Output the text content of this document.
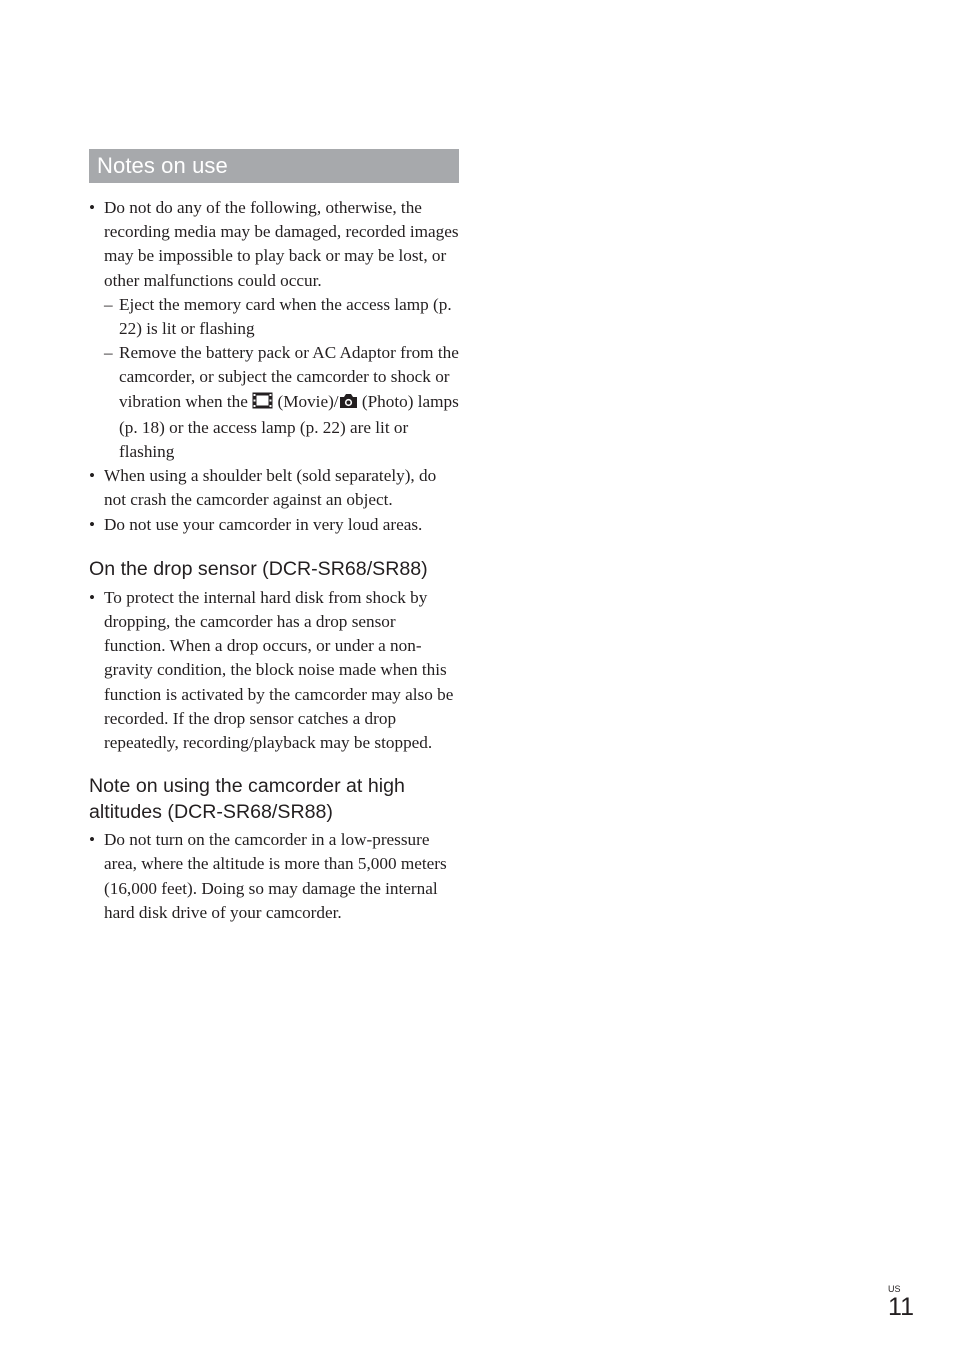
Notes on use
• Do not do any of the following, otherwise, the recording media may be damaged, recorded images may be impossible to play back or may be lost, or other malfunctions could occur.
– Eject the memory card when the access lamp (p. 22) is lit or flashing
– Remove the battery pack or AC Adaptor from the camcorder, or subject the camcorder to shock or vibration when the  (Movie)/ (Photo) lamps (p. 18) or the access lamp (p. 22) are lit or flashing
• When using a shoulder belt (sold separately), do not crash the camcorder against an object.
• Do not use your camcorder in very loud areas.
On the drop sensor (DCR-SR68/SR88)
• To protect the internal hard disk from shock by dropping, the camcorder has a drop sensor function. When a drop occurs, or under a non-gravity condition, the block noise made when this function is activated by the camcorder may also be recorded. If the drop sensor catches a drop repeatedly, recording/playback may be stopped.
Note on using the camcorder at high altitudes (DCR-SR68/SR88)
• Do not turn on the camcorder in a low-pressure area, where the altitude is more than 5,000 meters (16,000 feet). Doing so may damage the internal hard disk drive of your camcorder.
US
11
